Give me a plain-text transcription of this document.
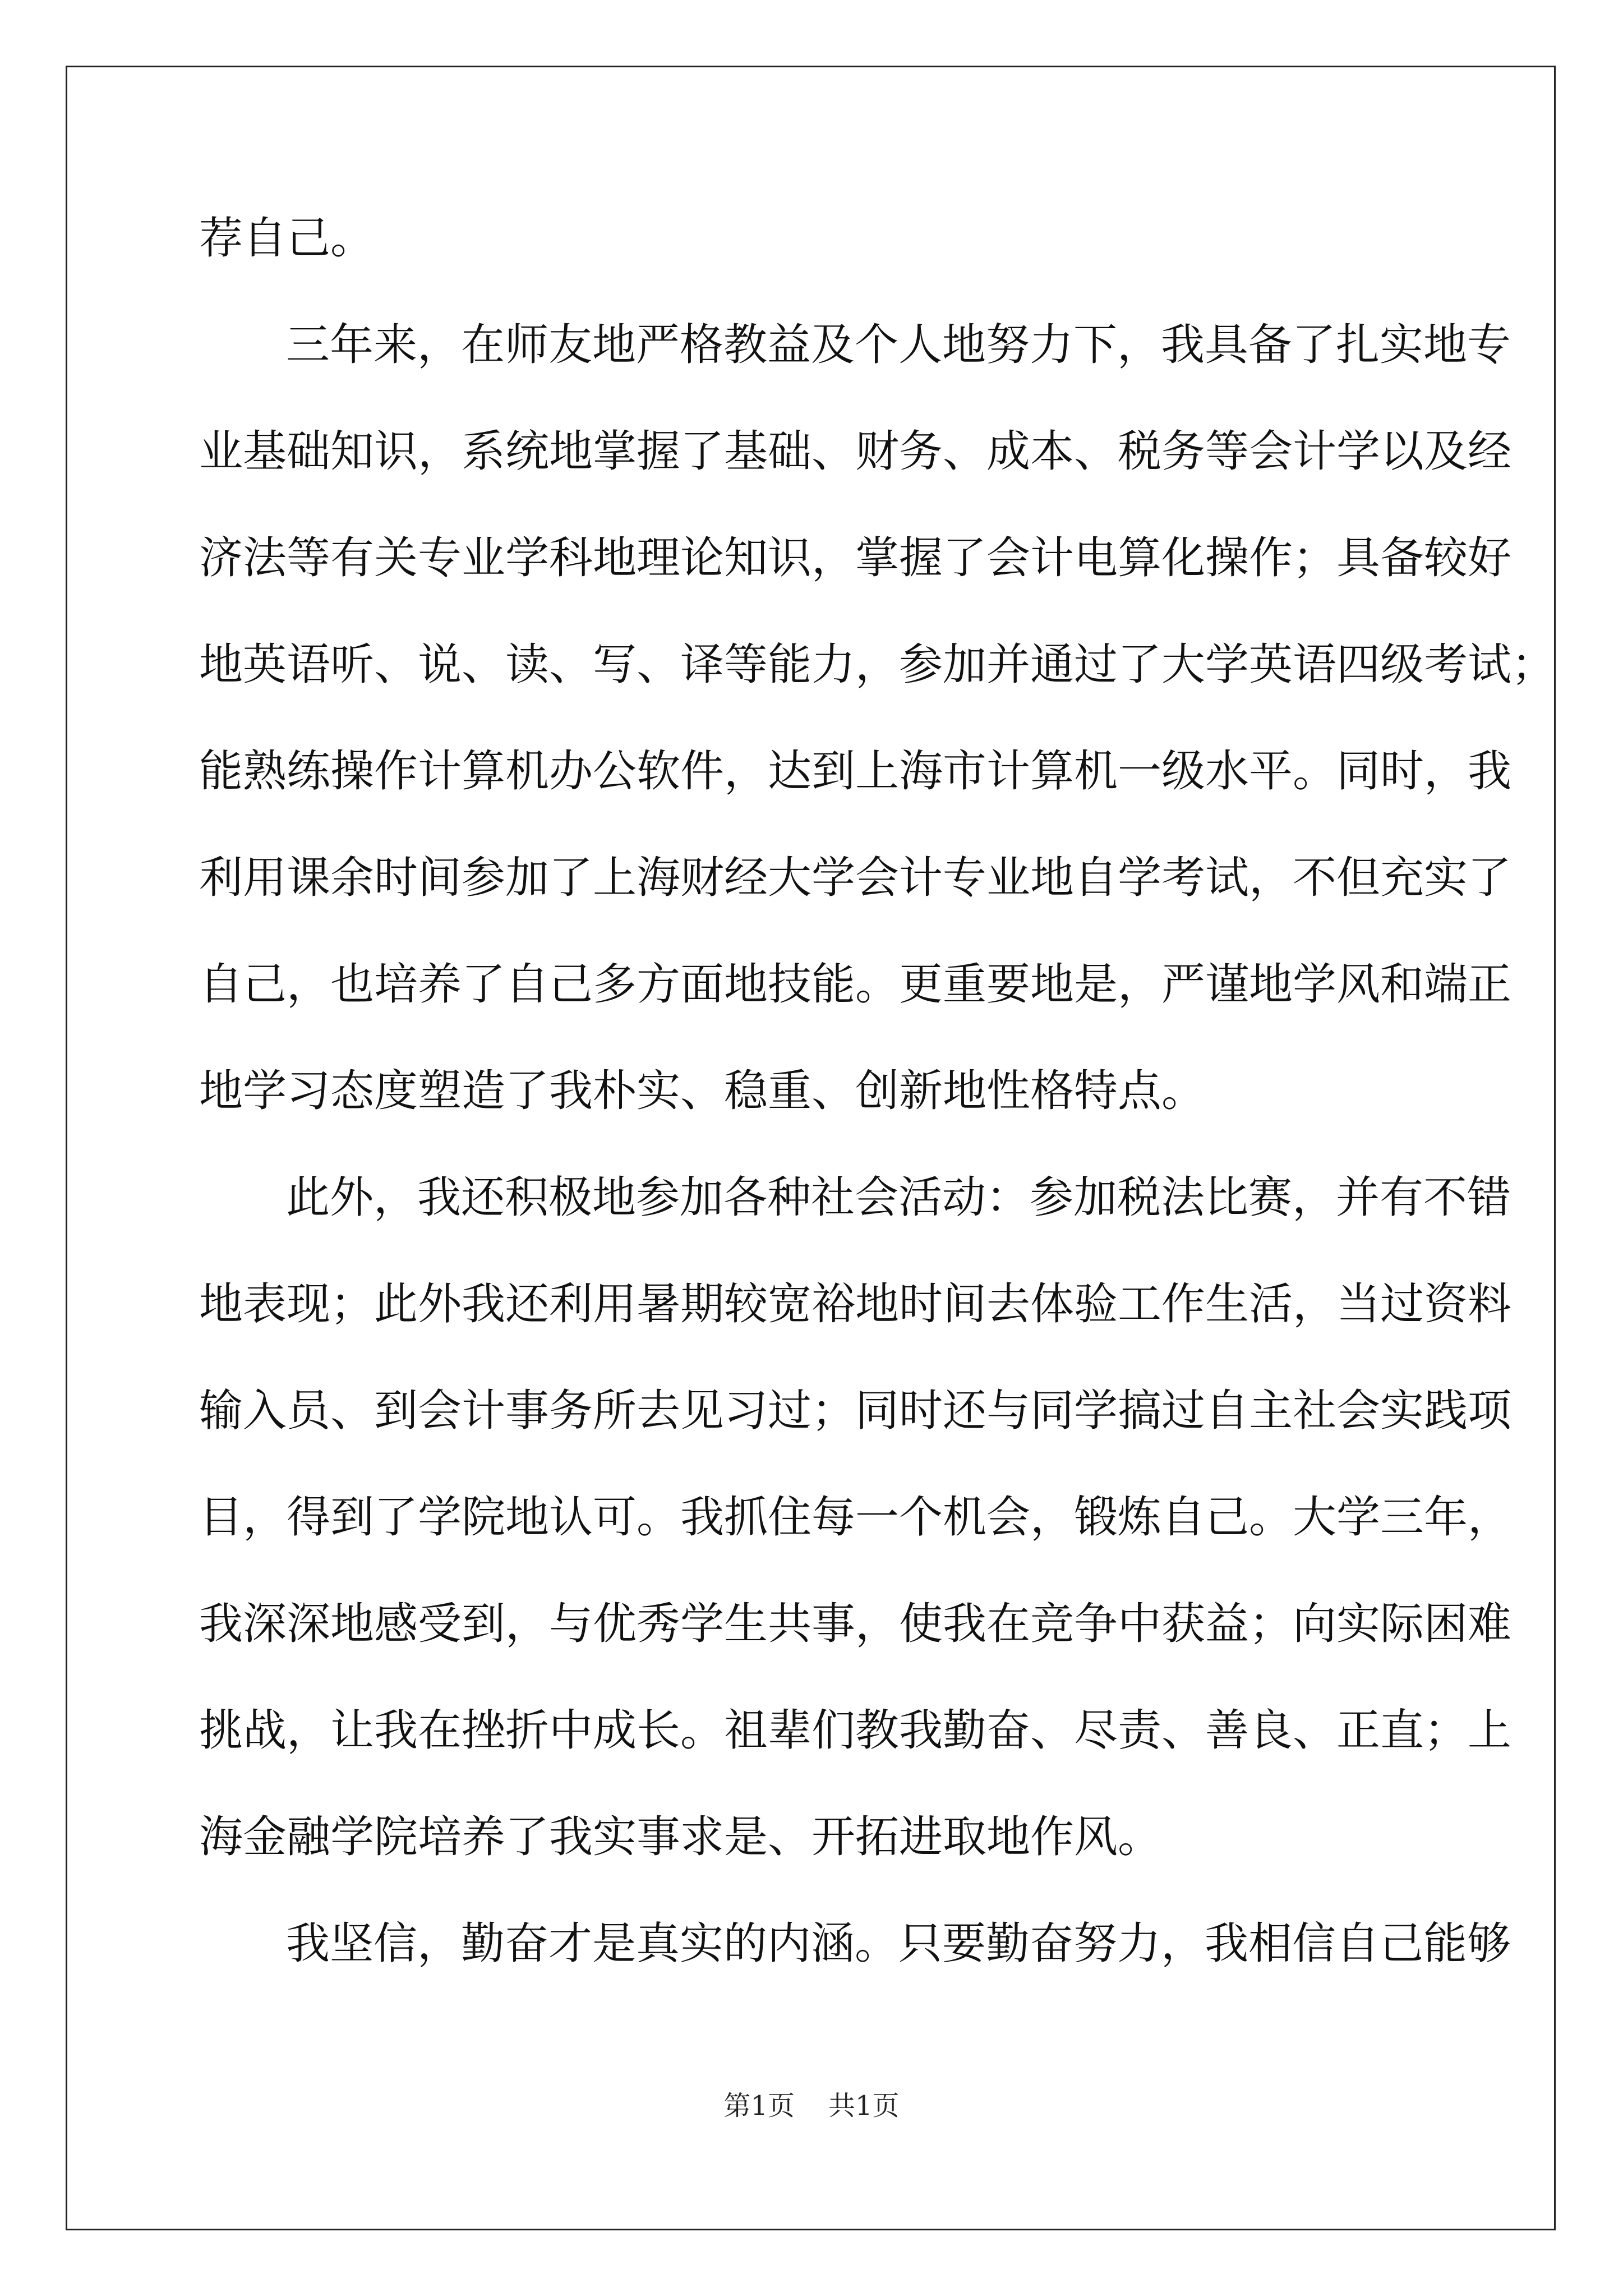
荐自己。
三年来，在师友地严格教益及个人地努力下，我具备了扎实地专
业基础知识，系统地掌握了基础、财务、成本、税务等会计学以及经
济法等有关专业学科地理论知识，掌握了会计电算化操作；具备较好
地英语听、说、读、写、译等能力，参加并通过了大学英语四级考试；
能熟练操作计算机办公软件，达到上海市计算机一级水平。同时，我
利用课余时间参加了上海财经大学会计专业地自学考试，不但充实了
自己，也培养了自己多方面地技能。更重要地是，严谨地学风和端正
地学习态度塑造了我朴实、稳重、创新地性格特点。
此外，我还积极地参加各种社会活动：参加税法比赛，并有不错
地表现；此外我还利用暑期较宽裕地时间去体验工作生活，当过资料
输入员、到会计事务所去见习过；同时还与同学搞过自主社会实践项
目，得到了学院地认可。我抓住每一个机会，锻炼自己。大学三年，
我深深地感受到，与优秀学生共事，使我在竞争中获益；向实际困难
挑战，让我在挫折中成长。祖辈们教我勤奋、尽责、善良、正直；上
海金融学院培养了我实事求是、开拓进取地作风。
我坚信，勤奋才是真实的内涵。只要勤奋努力，我相信自己能够
第1页 共1页
